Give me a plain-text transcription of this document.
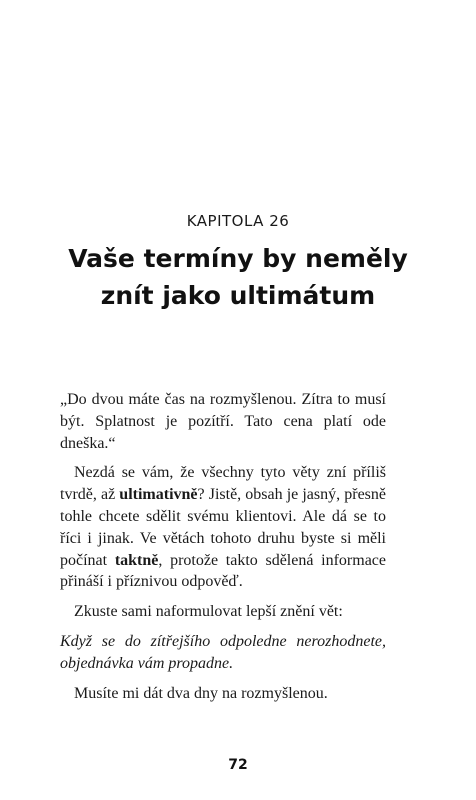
KAPITOLA 26
Vaše termíny by neměly
znít jako ultimátum

„Do dvou máte čas na rozmyšlenou. Zítra to musí být. Splatnost je pozítří. Tato cena platí ode dneška.“

Nezdá se vám, že všechny tyto věty zní příliš tvrdě, až ultimativně? Jistě, obsah je jasný, přesně tohle chcete sdělit svému klientovi. Ale dá se to říci i jinak. Ve větách tohoto druhu byste si měli počínat taktně, protože takto sdělená informace přináší i příznivou odpověď.

Zkuste sami naformulovat lepší znění vět:

Když se do zítřejšího odpoledne nerozhodnete, objednávka vám propadne.

Musíte mi dát dva dny na rozmyšlenou.

72
